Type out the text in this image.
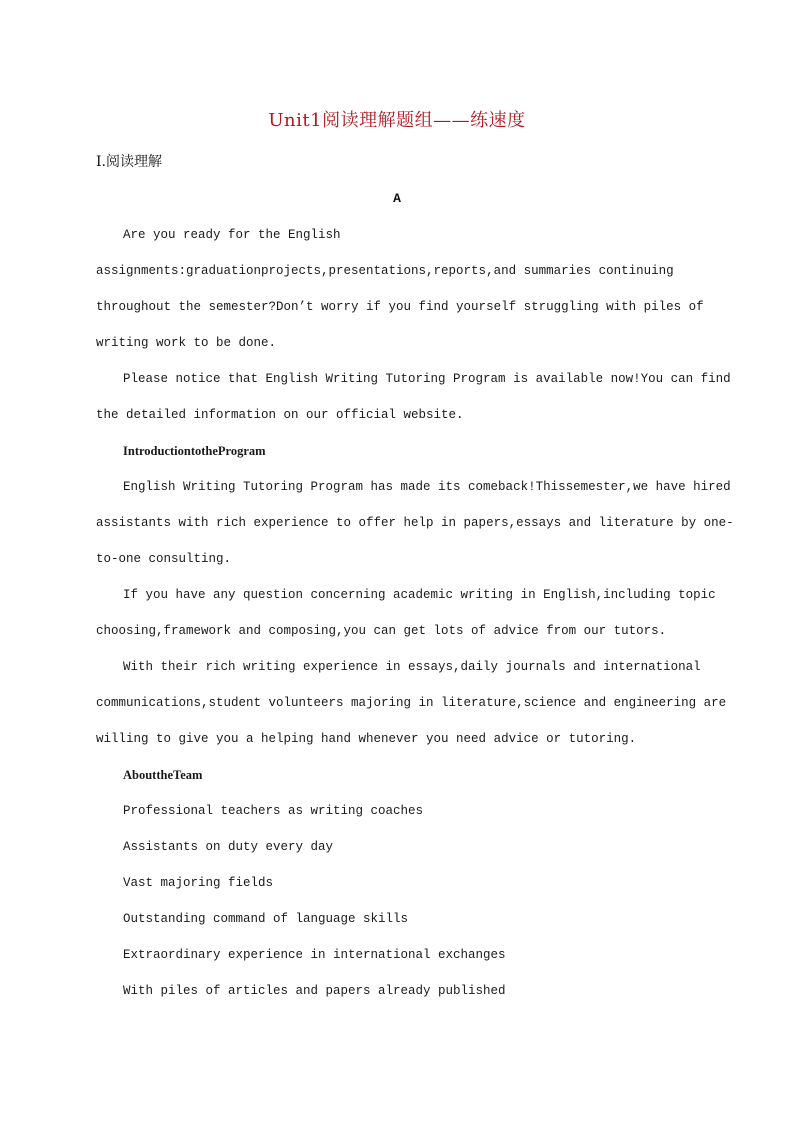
Unit1阅读理解题组——练速度
Ⅰ.阅读理解
A
Are you ready for the English
assignments:graduationprojects,presentations,reports,and summaries continuing
throughout the semester?Don’t worry if you find yourself struggling with piles of
writing work to be done.
Please notice that English Writing Tutoring Program is available now!You can find
the detailed information on our official website.
IntroductiontotheProgram
English Writing Tutoring Program has made its comeback!Thissemester,we have hired
assistants with rich experience to offer help in papers,essays and literature by one-
to-one consulting.
If you have any question concerning academic writing in English,including topic
choosing,framework and composing,you can get lots of advice from our tutors.
With their rich writing experience in essays,daily journals and international
communications,student volunteers majoring in literature,science and engineering are
willing to give you a helping hand whenever you need advice or tutoring.
AbouttheTeam
Professional teachers as writing coaches
Assistants on duty every day
Vast majoring fields
Outstanding command of language skills
Extraordinary experience in international exchanges
With piles of articles and papers already published
